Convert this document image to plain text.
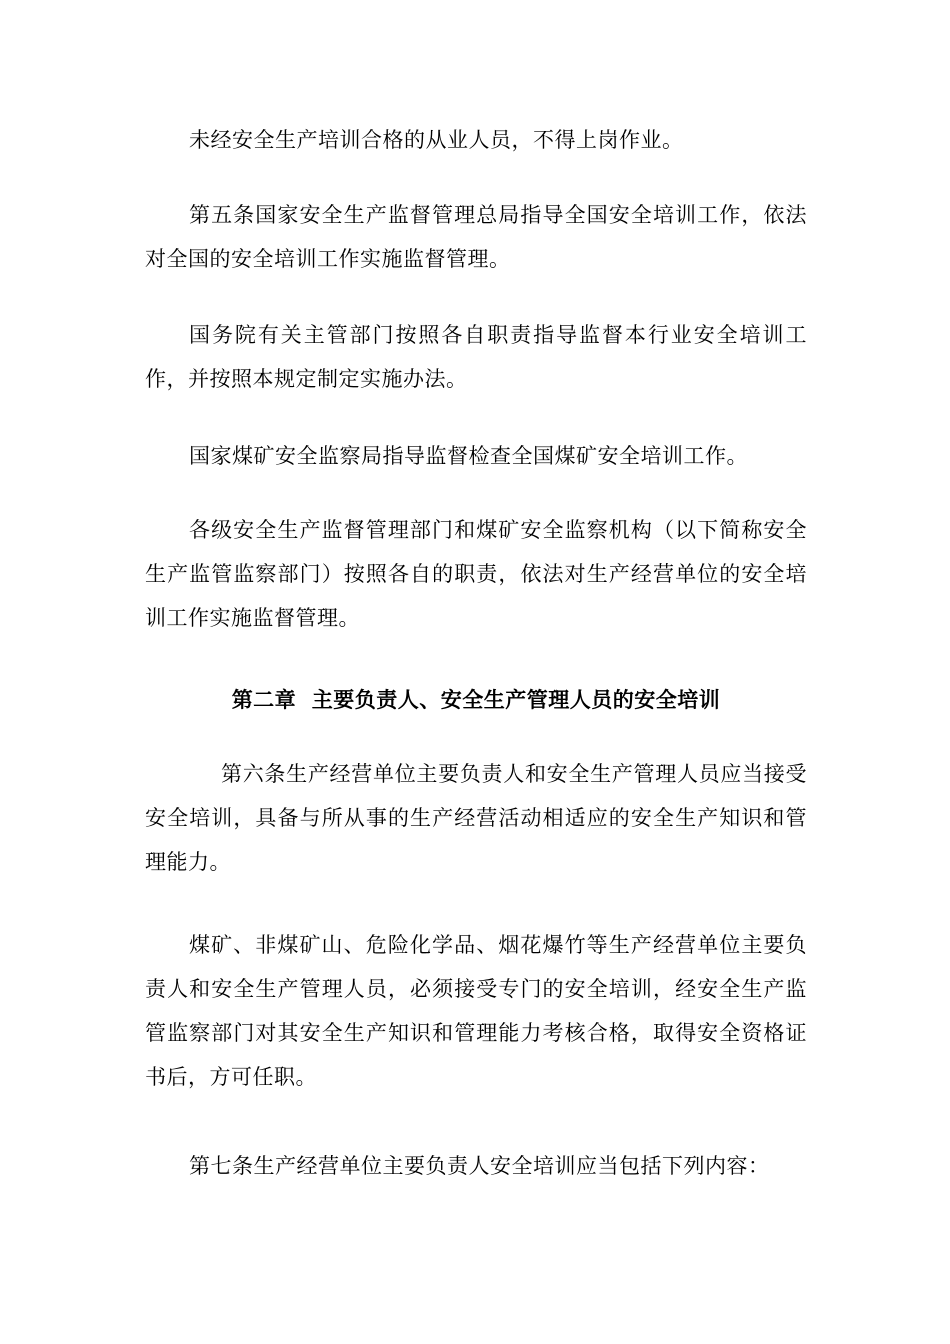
未经安全生产培训合格的从业人员，不得上岗作业。

第五条国家安全生产监督管理总局指导全国安全培训工作，依法对全国的安全培训工作实施监督管理。

国务院有关主管部门按照各自职责指导监督本行业安全培训工作，并按照本规定制定实施办法。

国家煤矿安全监察局指导监督检查全国煤矿安全培训工作。

各级安全生产监督管理部门和煤矿安全监察机构（以下简称安全生产监管监察部门）按照各自的职责，依法对生产经营单位的安全培训工作实施监督管理。

第二章  主要负责人、安全生产管理人员的安全培训

第六条生产经营单位主要负责人和安全生产管理人员应当接受安全培训，具备与所从事的生产经营活动相适应的安全生产知识和管理能力。

煤矿、非煤矿山、危险化学品、烟花爆竹等生产经营单位主要负责人和安全生产管理人员，必须接受专门的安全培训，经安全生产监管监察部门对其安全生产知识和管理能力考核合格，取得安全资格证书后，方可任职。

第七条生产经营单位主要负责人安全培训应当包括下列内容：
